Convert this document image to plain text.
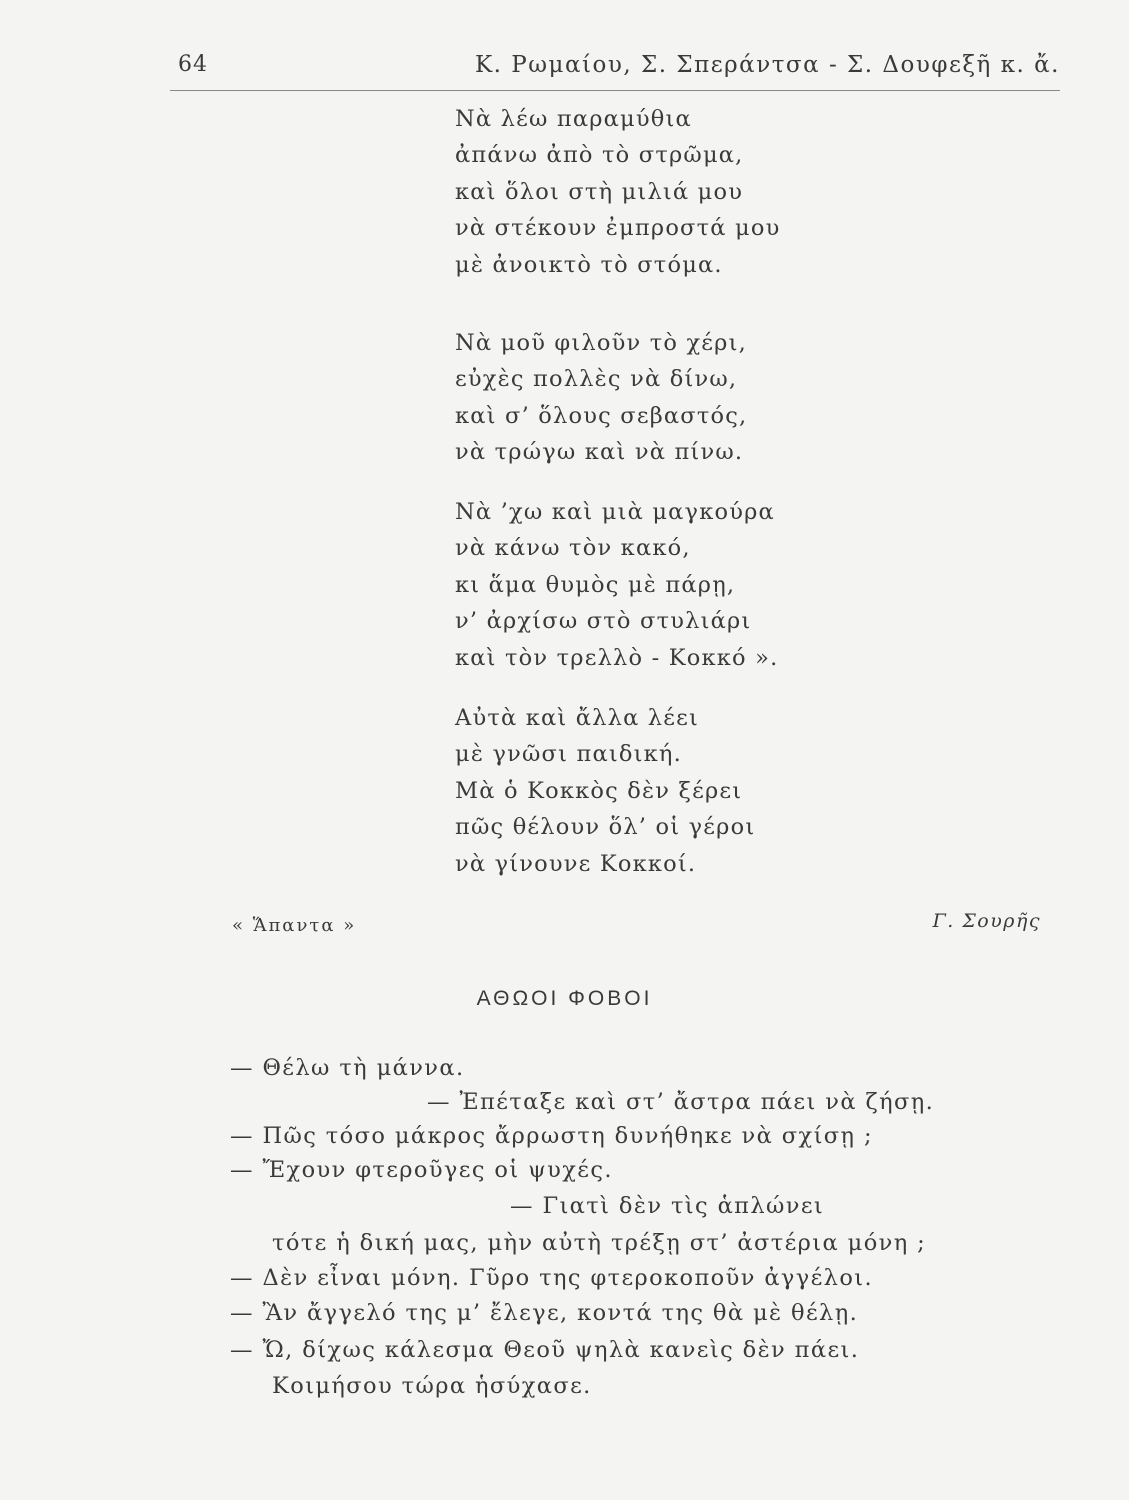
64	Κ. Ρωμαίου, Σ. Σπεράντσα - Σ. Δουφεξῆ κ. ἄ.
Νὰ λέω παραμύθια
ἀπάνω ἀπὸ τὸ στρῶμα,
καὶ ὅλοι στὴ μιλιά μου
νὰ στέκουν ἐμπροστά μου
μὲ ἀνοικτὸ τὸ στόμα.
Νὰ μοῦ φιλοῦν τὸ χέρι,
εὐχὲς πολλὲς νὰ δίνω,
καὶ σ’ ὅλους σεβαστός,
νὰ τρώγω καὶ νὰ πίνω.
Νὰ ’χω καὶ μιὰ μαγκούρα
νὰ κάνω τὸν κακό,
κι ἅμα θυμὸς μὲ πάρῃ,
ν’ ἀρχίσω στὸ στυλιάρι
καὶ τὸν τρελλὸ - Κοκκό ».
Αὐτὰ καὶ ἄλλα λέει
μὲ γνῶσι παιδική.
Μὰ ὁ Κοκκὸς δὲν ξέρει
πῶς θέλουν ὅλ’ οἱ γέροι
νὰ γίνουνε Κοκκοί.
« Ἅπαντα »	Γ. Σουρῆς
ΑΘΩΟΙ ΦΟΒΟΙ
— Θέλω τὴ μάννα.
— Ἐπέταξε καὶ στ’ ἄστρα πάει νὰ ζήσῃ.
— Πῶς τόσο μάκρος ἄρρωστη δυνήθηκε νὰ σχίσῃ ;
— Ἔχουν φτεροῦγες οἱ ψυχές.
— Γιατὶ δὲν τὶς ἁπλώνει
τότε ἡ δική μας, μὴν αὐτὴ τρέξῃ στ’ ἀστέρια μόνη ;
— Δὲν εἶναι μόνη. Γῦρο της φτεροκοποῦν ἀγγέλοι.
— Ἂν ἄγγελό της μ’ ἔλεγε, κοντά της θὰ μὲ θέλῃ.
— Ὤ, δίχως κάλεσμα Θεοῦ ψηλὰ κανεὶς δὲν πάει.
Κοιμήσου τώρα ἡσύχασε.
